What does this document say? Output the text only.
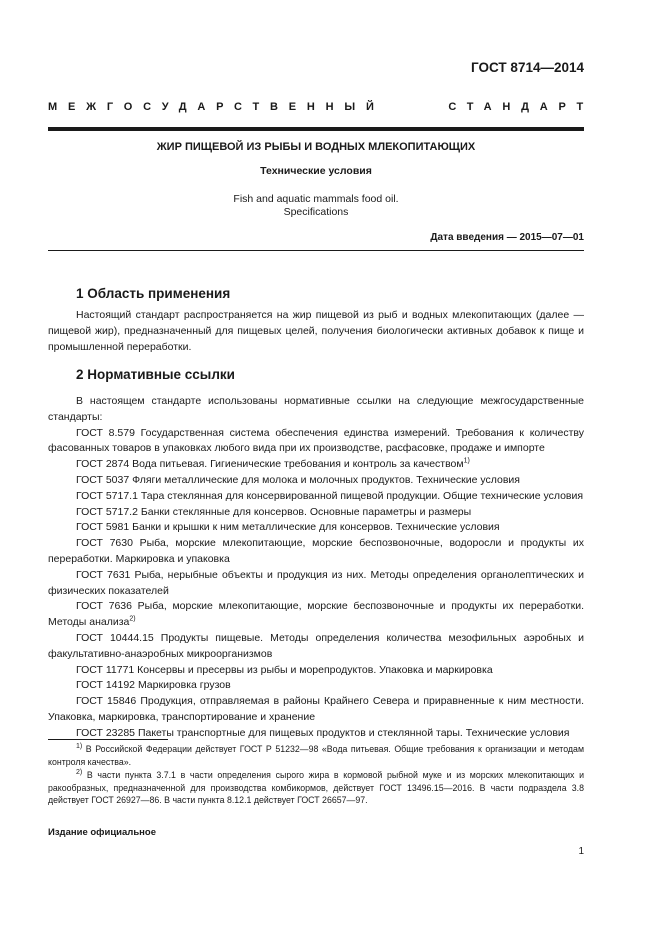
ГОСТ 8714—2014
МЕЖГОСУДАРСТВЕННЫЙ	СТАНДАРТ
ЖИР ПИЩЕВОЙ ИЗ РЫБЫ И ВОДНЫХ МЛЕКОПИТАЮЩИХ
Технические условия
Fish and aquatic mammals food oil.
Specifications
Дата введения — 2015—07—01
1 Область применения
Настоящий стандарт распространяется на жир пищевой из рыб и водных млекопитающих (далее — пищевой жир), предназначенный для пищевых целей, получения биологически активных добавок к пище и промышленной переработки.
2 Нормативные ссылки

В настоящем стандарте использованы нормативные ссылки на следующие межгосударственные стандарты:

ГОСТ 8.579 Государственная система обеспечения единства измерений. Требования к количеству фасованных товаров в упаковках любого вида при их производстве, расфасовке, продаже и импорте

ГОСТ 2874 Вода питьевая. Гигиенические требования и контроль за качеством$^{1)}$

ГОСТ 5037 Фляги металлические для молока и молочных продуктов. Технические условия

ГОСТ 5717.1 Тара стеклянная для консервированной пищевой продукции. Общие технические условия

ГОСТ 5717.2 Банки стеклянные для консервов. Основные параметры и размеры

ГОСТ 5981 Банки и крышки к ним металлические для консервов. Технические условия

ГОСТ 7630 Рыба, морские млекопитающие, морские беспозвоночные, водоросли и продукты их переработки. Маркировка и упаковка

ГОСТ 7631 Рыба, нерыбные объекты и продукция из них. Методы определения органолептических и физических показателей

ГОСТ 7636 Рыба, морские млекопитающие, морские беспозвоночные и продукты их переработки. Методы анализа$^{2)}$

ГОСТ 10444.15 Продукты пищевые. Методы определения количества мезофильных аэробных и факультативно-анаэробных микроорганизмов

ГОСТ 11771 Консервы и пресервы из рыбы и морепродуктов. Упаковка и маркировка

ГОСТ 14192 Маркировка грузов

ГОСТ 15846 Продукция, отправляемая в районы Крайнего Севера и приравненные к ним местности. Упаковка, маркировка, транспортирование и хранение

ГОСТ 23285 Пакеты транспортные для пищевых продуктов и стеклянной тары. Технические условия

$^{1)}$ В Российской Федерации действует ГОСТ Р 51232—98 «Вода питьевая. Общие требования к организации и методам контроля качества».

$^{2)}$ В части пункта 3.7.1 в части определения сырого жира в кормовой рыбной муке и из морских млекопитающих и ракообразных, предназначенной для производства комбикормов, действует ГОСТ 13496.15—2016. В части подраздела 3.8 действует ГОСТ 26927—86. В части пункта 8.12.1 действует ГОСТ 26657—97.

Издание официальное
1
